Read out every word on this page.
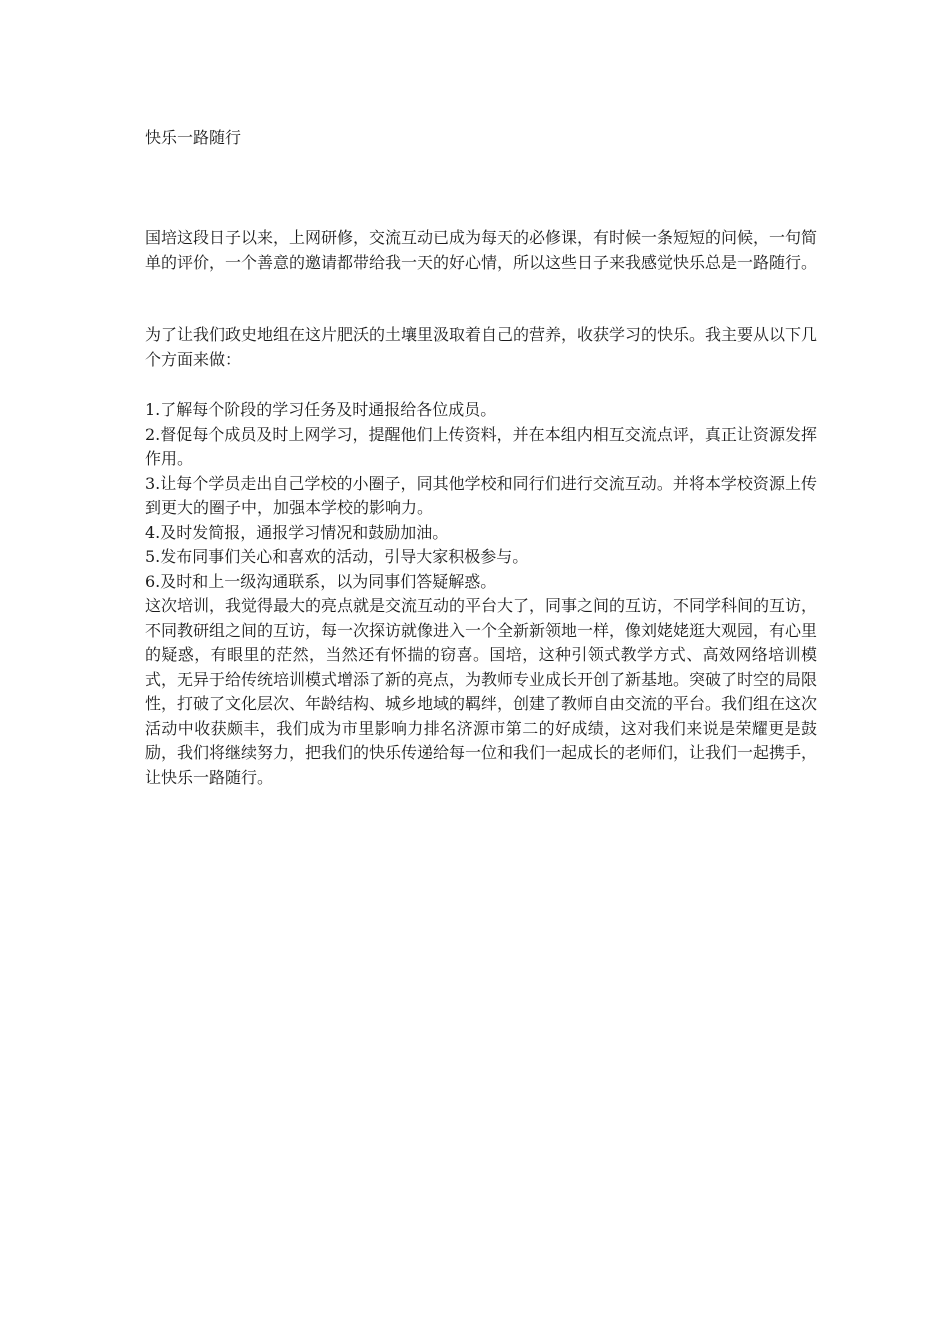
快乐一路随行

国培这段日子以来，上网研修，交流互动已成为每天的必修课，有时候一条短短的问候，一句简单的评价，一个善意的邀请都带给我一天的好心情，所以这些日子来我感觉快乐总是一路随行。

为了让我们政史地组在这片肥沃的土壤里汲取着自己的营养，收获学习的快乐。我主要从以下几个方面来做：

1.了解每个阶段的学习任务及时通报给各位成员。

2.督促每个成员及时上网学习，提醒他们上传资料，并在本组内相互交流点评，真正让资源发挥作用。

3.让每个学员走出自己学校的小圈子，同其他学校和同行们进行交流互动。并将本学校资源上传到更大的圈子中，加强本学校的影响力。

4.及时发简报，通报学习情况和鼓励加油。

5.发布同事们关心和喜欢的活动，引导大家积极参与。

6.及时和上一级沟通联系，以为同事们答疑解惑。

这次培训，我觉得最大的亮点就是交流互动的平台大了，同事之间的互访，不同学科间的互访，不同教研组之间的互访，每一次探访就像进入一个全新新领地一样，像刘姥姥逛大观园，有心里的疑惑，有眼里的茫然，当然还有怀揣的窃喜。国培，这种引领式教学方式、高效网络培训模式，无异于给传统培训模式增添了新的亮点，为教师专业成长开创了新基地。突破了时空的局限性，打破了文化层次、年龄结构、城乡地域的羁绊，创建了教师自由交流的平台。我们组在这次活动中收获颇丰，我们成为市里影响力排名济源市第二的好成绩，这对我们来说是荣耀更是鼓励，我们将继续努力，把我们的快乐传递给每一位和我们一起成长的老师们，让我们一起携手，让快乐一路随行。
